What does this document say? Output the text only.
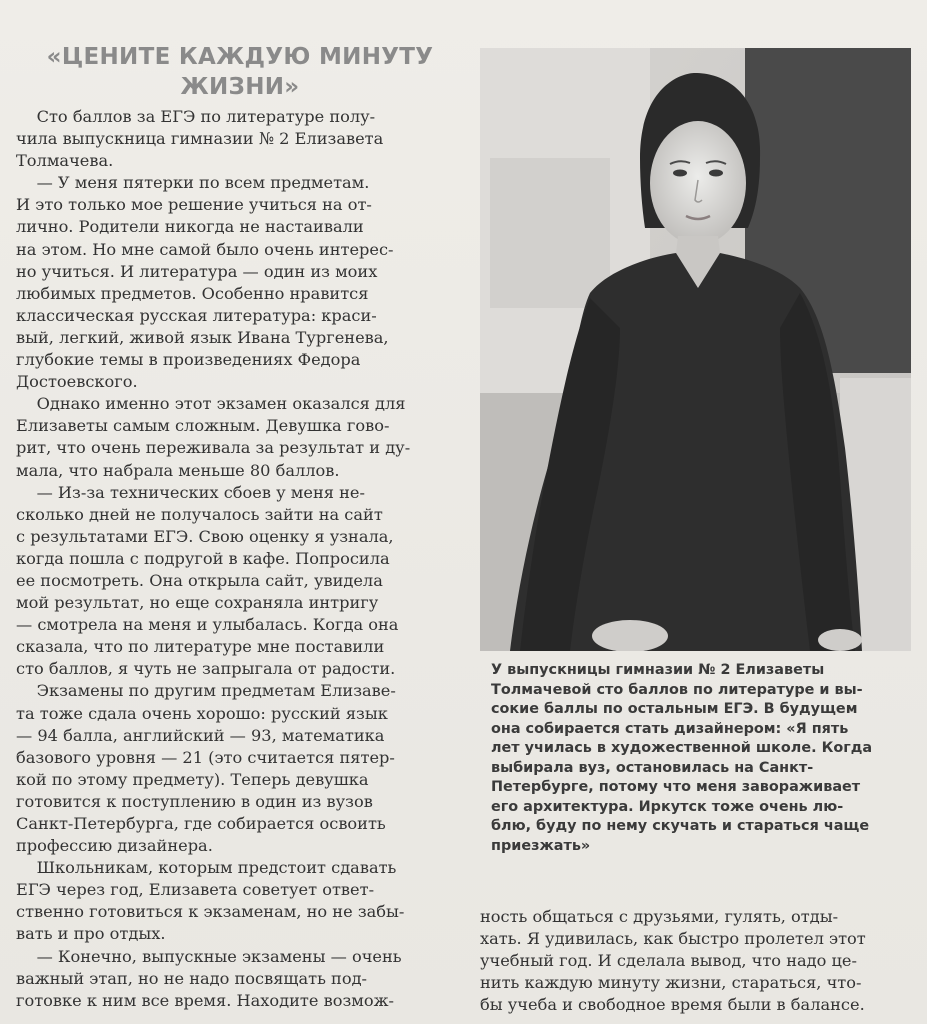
«ЦЕНИТЕ КАЖДУЮ МИНУТУ
ЖИЗНИ»
Сто баллов за ЕГЭ по литературе полу-
чила выпускница гимназии № 2 Елизавета
Толмачева.
— У меня пятерки по всем предметам.
И это только мое решение учиться на от-
лично. Родители никогда не настаивали
на этом. Но мне самой было очень интерес-
но учиться. И литература — один из моих
любимых предметов. Особенно нравится
классическая русская литература: краси-
вый, легкий, живой язык Ивана Тургенева,
глубокие темы в произведениях Федора
Достоевского.
Однако именно этот экзамен оказался для
Елизаветы самым сложным. Девушка гово-
рит, что очень переживала за результат и ду-
мала, что набрала меньше 80 баллов.
— Из-за технических сбоев у меня не-
сколько дней не получалось зайти на сайт
с результатами ЕГЭ. Свою оценку я узнала,
когда пошла с подругой в кафе. Попросила
ее посмотреть. Она открыла сайт, увидела
мой результат, но еще сохраняла интригу
— смотрела на меня и улыбалась. Когда она
сказала, что по литературе мне поставили
сто баллов, я чуть не запрыгала от радости.
Экзамены по другим предметам Елизаве-
та тоже сдала очень хорошо: русский язык
— 94 балла, английский — 93, математика
базового уровня — 21 (это считается пятер-
кой по этому предмету). Теперь девушка
готовится к поступлению в один из вузов
Санкт-Петербурга, где собирается освоить
профессию дизайнера.
Школьникам, которым предстоит сдавать
ЕГЭ через год, Елизавета советует ответ-
ственно готовиться к экзаменам, но не забы-
вать и про отдых.
— Конечно, выпускные экзамены — очень
важный этап, но не надо посвящать под-
готовке к ним все время. Находите возмож-
У выпускницы гимназии № 2 Елизаветы
Толмачевой сто баллов по литературе и вы-
сокие баллы по остальным ЕГЭ. В будущем
она собирается стать дизайнером: «Я пять
лет училась в художественной школе. Когда
выбирала вуз, остановилась на Санкт-
Петербурге, потому что меня завораживает
его архитектура. Иркутск тоже очень лю-
блю, буду по нему скучать и стараться чаще
приезжать»
ность общаться с друзьями, гулять, отды-
хать. Я удивилась, как быстро пролетел этот
учебный год. И сделала вывод, что надо це-
нить каждую минуту жизни, стараться, что-
бы учеба и свободное время были в балансе.
